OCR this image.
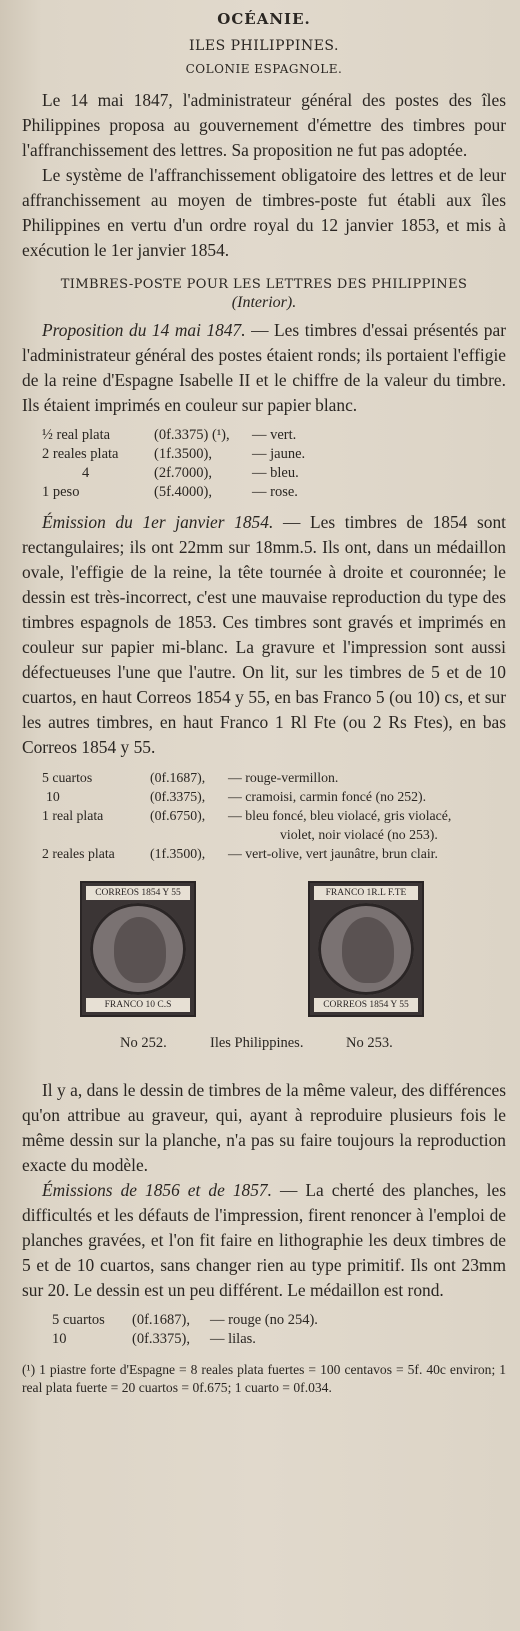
OCÉANIE.
ILES PHILIPPINES.
COLONIE ESPAGNOLE.

Le 14 mai 1847, l'administrateur général des postes des îles Philippines proposa au gouvernement d'émettre des timbres pour l'affranchissement des lettres. Sa proposition ne fut pas adoptée.

Le système de l'affranchissement obligatoire des lettres et de leur affranchissement au moyen de timbres-poste fut établi aux îles Philippines en vertu d'un ordre royal du 12 janvier 1853, et mis à exécution le 1er janvier 1854.

TIMBRES-POSTE POUR LES LETTRES DES PHILIPPINES
(Interior).

Proposition du 14 mai 1847. — Les timbres d'essai présentés par l'administrateur général des postes étaient ronds; ils portaient l'effigie de la reine d'Espagne Isabelle II et le chiffre de la valeur du timbre. Ils étaient imprimés en couleur sur papier blanc.

½ real plata	(0f.3375) (¹),	— vert.
2 reales plata	(1f.3500),	— jaune.
4	(2f.7000),	— bleu.
1 peso	(5f.4000),	— rose.

Émission du 1er janvier 1854. — Les timbres de 1854 sont rectangulaires; ils ont 22mm sur 18mm.5. Ils ont, dans un médaillon ovale, l'effigie de la reine, la tête tournée à droite et couronnée; le dessin est très-incorrect, c'est une mauvaise reproduction du type des timbres espagnols de 1853. Ces timbres sont gravés et imprimés en couleur sur papier mi-blanc. La gravure et l'impression sont aussi défectueuses l'une que l'autre. On lit, sur les timbres de 5 et de 10 cuartos, en haut Correos 1854 y 55, en bas Franco 5 (ou 10) cs, et sur les autres timbres, en haut Franco 1 Rl Fte (ou 2 Rs Ftes), en bas Correos 1854 y 55.

5 cuartos	(0f.1687),	— rouge-vermillon.
10	(0f.3375),	— cramoisi, carmin foncé (no 252).
1 real plata	(0f.6750),	— bleu foncé, bleu violacé, gris violacé,
violet, noir violacé (no 253).
2 reales plata	(1f.3500),	— vert-olive, vert jaunâtre, brun clair.
CORREOS 1854 Y 55
FRANCO 10 C.S
FRANCO 1R.L F.TE
CORREOS 1854 Y 55
No 252.	Iles Philippines.	No 253.

Il y a, dans le dessin de timbres de la même valeur, des différences qu'on attribue au graveur, qui, ayant à reproduire plusieurs fois le même dessin sur la planche, n'a pas su faire toujours la reproduction exacte du modèle.

Émissions de 1856 et de 1857. — La cherté des planches, les difficultés et les défauts de l'impression, firent renoncer à l'emploi de planches gravées, et l'on fit faire en lithographie les deux timbres de 5 et de 10 cuartos, sans changer rien au type primitif. Ils ont 23mm sur 20. Le dessin est un peu différent. Le médaillon est rond.

5 cuartos	(0f.1687),	— rouge (no 254).
10	(0f.3375),	— lilas.
(¹) 1 piastre forte d'Espagne = 8 reales plata fuertes = 100 centavos = 5f. 40c environ; 1 real plata fuerte = 20 cuartos = 0f.675; 1 cuarto = 0f.034.
